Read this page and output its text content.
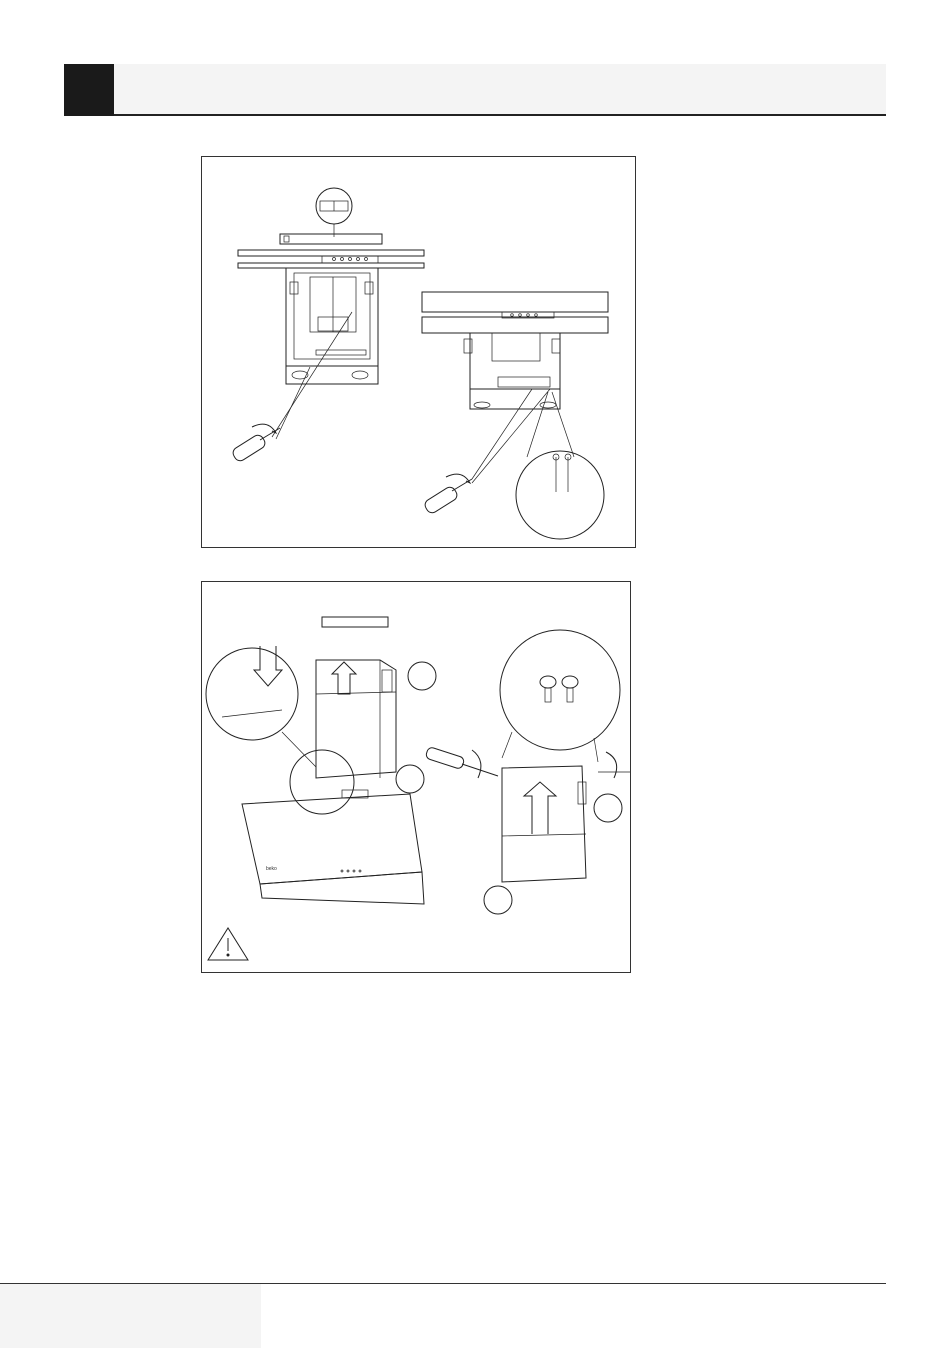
beko
